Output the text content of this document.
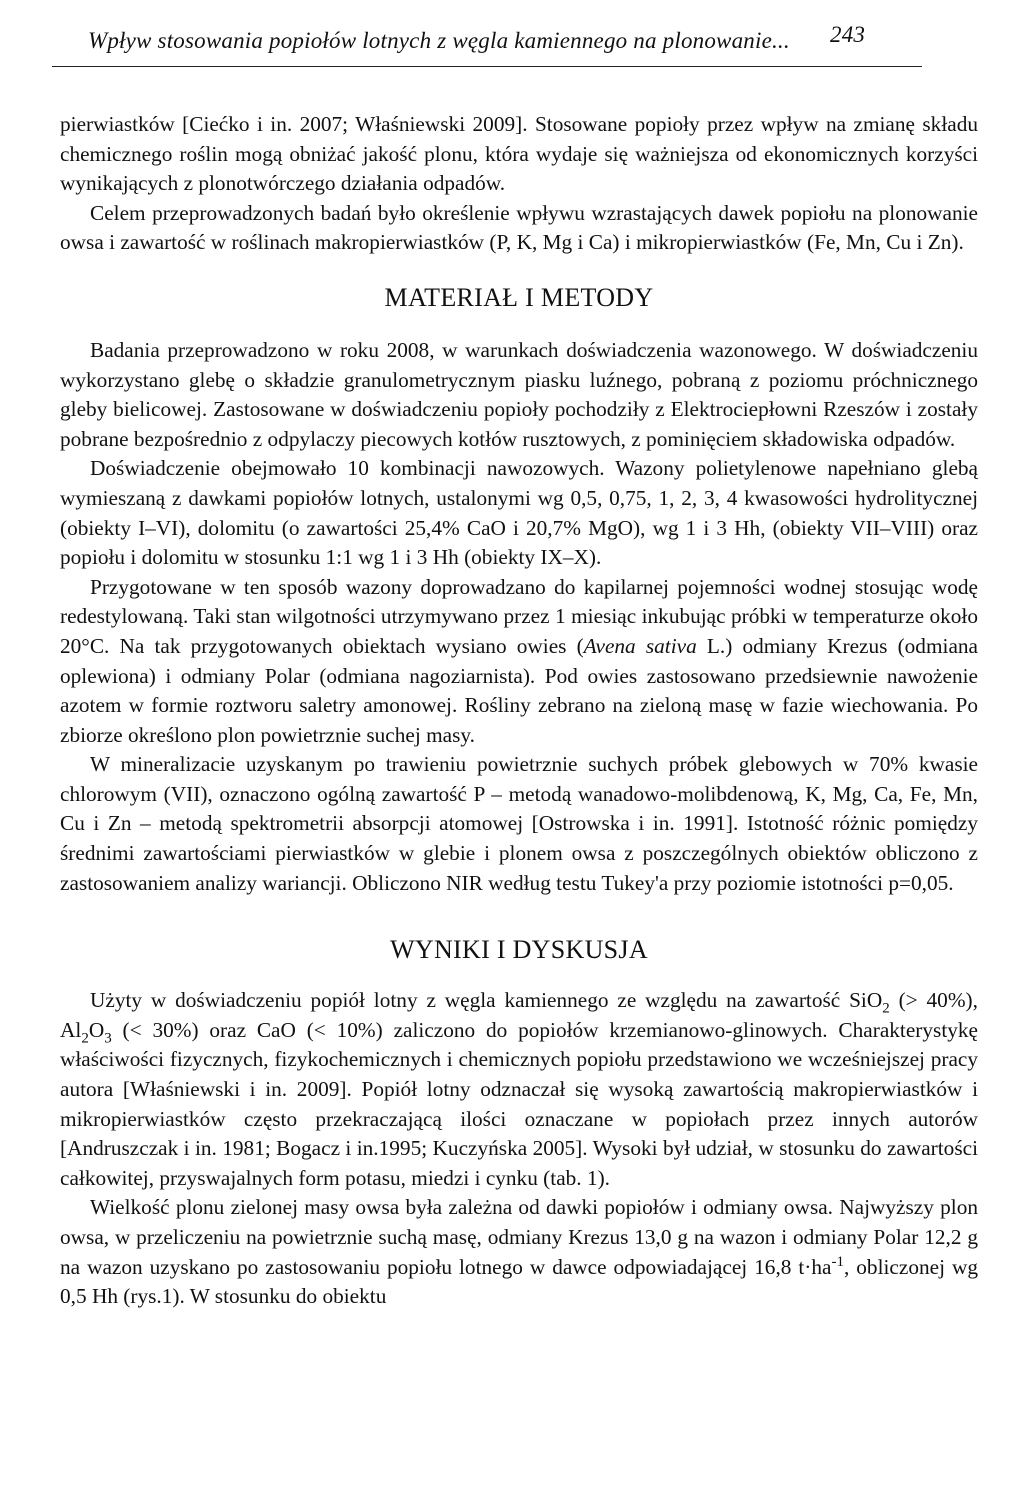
Wpływ stosowania popiołów lotnych z węgla kamiennego na plonowanie... 243

pierwiastków [Ciećko i in. 2007; Właśniewski 2009]. Stosowane popioły przez wpływ na zmianę składu chemicznego roślin mogą obniżać jakość plonu, która wydaje się ważniejsza od ekonomicznych korzyści wynikających z plonotwórczego działania odpadów.

Celem przeprowadzonych badań było określenie wpływu wzrastających dawek popiołu na plonowanie owsa i zawartość w roślinach makropierwiastków (P, K, Mg i Ca) i mikropierwiastków (Fe, Mn, Cu i Zn).

MATERIAŁ I METODY

Badania przeprowadzono w roku 2008, w warunkach doświadczenia wazonowego. W doświadczeniu wykorzystano glebę o składzie granulometrycznym piasku luźnego, pobraną z poziomu próchnicznego gleby bielicowej. Zastosowane w doświadczeniu popioły pochodziły z Elektrociepłowni Rzeszów i zostały pobrane bezpośrednio z odpylaczy piecowych kotłów rusztowych, z pominięciem składowiska odpadów.

Doświadczenie obejmowało 10 kombinacji nawozowych. Wazony polietylenowe napełniano glebą wymieszaną z dawkami popiołów lotnych, ustalonymi wg 0,5, 0,75, 1, 2, 3, 4 kwasowości hydrolitycznej (obiekty I–VI), dolomitu (o zawartości 25,4% CaO i 20,7% MgO), wg 1 i 3 Hh, (obiekty VII–VIII) oraz popiołu i dolomitu w stosunku 1:1 wg 1 i 3 Hh (obiekty IX–X).

Przygotowane w ten sposób wazony doprowadzano do kapilarnej pojemności wodnej stosując wodę redestylowaną. Taki stan wilgotności utrzymywano przez 1 miesiąc inkubując próbki w temperaturze około 20°C. Na tak przygotowanych obiektach wysiano owies (Avena sativa L.) odmiany Krezus (odmiana oplewiona) i odmiany Polar (odmiana nagoziarnista). Pod owies zastosowano przedsiewnie nawożenie azotem w formie roztworu saletry amonowej. Rośliny zebrano na zieloną masę w fazie wiechowania. Po zbiorze określono plon powietrznie suchej masy.

W mineralizacie uzyskanym po trawieniu powietrznie suchych próbek glebowych w 70% kwasie chlorowym (VII), oznaczono ogólną zawartość P – metodą wanadowo-molibdenową, K, Mg, Ca, Fe, Mn, Cu i Zn – metodą spektrometrii absorpcji atomowej [Ostrowska i in. 1991]. Istotność różnic pomiędzy średnimi zawartościami pierwiastków w glebie i plonem owsa z poszczególnych obiektów obliczono z zastosowaniem analizy wariancji. Obliczono NIR według testu Tukey'a przy poziomie istotności p=0,05.

WYNIKI I DYSKUSJA

Użyty w doświadczeniu popiół lotny z węgla kamiennego ze względu na zawartość SiO$_2$ (> 40%), $Al_2O_3$ (< 30%) oraz CaO (< 10%) zaliczono do popiołów krzemianowo-glinowych. Charakterystykę właściwości fizycznych, fizykochemicznych i chemicznych popiołu przedstawiono we wcześniejszej pracy autora [Właśniewski i in. 2009]. Popiół lotny odznaczał się wysoką zawartością makropierwiastków i mikropierwiastków często przekraczającą ilości oznaczane w popiołach przez innych autorów [Andruszczak i in. 1981; Bogacz i in.1995; Kuczyńska 2005]. Wysoki był udział, w stosunku do zawartości całkowitej, przyswajalnych form potasu, miedzi i cynku (tab. 1).

Wielkość plonu zielonej masy owsa była zależna od dawki popiołów i odmiany owsa. Najwyższy plon owsa, w przeliczeniu na powietrznie suchą masę, odmiany Krezus 13,0 g na wazon i odmiany Polar 12,2 g na wazon uzyskano po zastosowaniu popiołu lotnego w dawce odpowiadającej 16,8 $t\cdot ha^{-1}$, obliczonej wg 0,5 Hh (rys.1). W stosunku do obiektu
